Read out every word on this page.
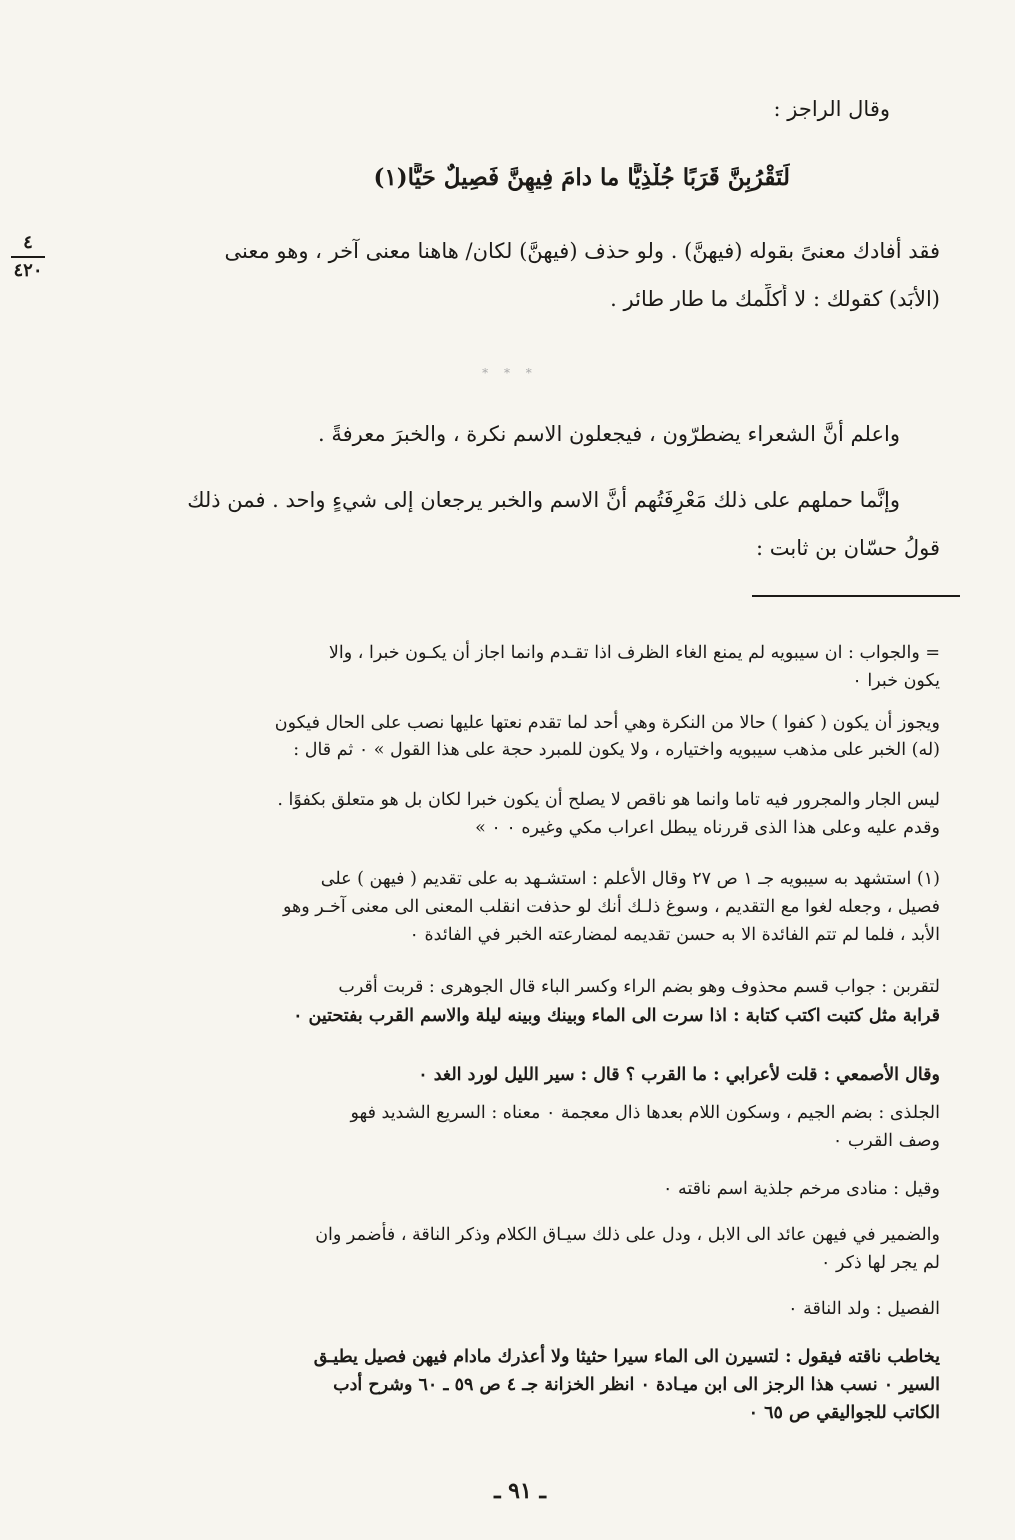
وقال الراجز :
لَتَقْرُبِنَّ قَرَبًا جُلْذِيًّا ما دامَ فِيهِنَّ فَصِيلٌ حَيًّا(١)
فقد أفادك معنىً بقوله (فيهنَّ) . ولو حذف (فيهنَّ) لكان/ هاهنا معنى آخر ، وهو معنى
(الأبَد) كقولك : لا أُكلِّمك ما طار طائر .
٤
٤٢٠
* * *
واعلم أنَّ الشعراء يضطرّون ، فيجعلون الاسم نكرة ، والخبرَ معرفةً .
وإنَّما حملهم على ذلك مَعْرِفَتُهم أنَّ الاسم والخبر يرجعان إلى شيءٍ واحد . فمن ذلك
قولُ حسّان بن ثابت :
= والجواب : ان سيبويه لم يمنع الغاء الظرف اذا تقـدم وانما اجاز أن يكـون خبرا ، والا
يكون خبرا ٠
ويجوز أن يكون ( كفوا ) حالا من النكرة وهي أحد لما تقدم نعتها عليها نصب على الحال فيكون
(له) الخبر على مذهب سيبويه واختياره ، ولا يكون للمبرد حجة على هذا القول » ٠ ثم قال :
ليس الجار والمجرور فيه تاما وانما هو ناقص لا يصلح أن يكون خبرا لكان بل هو متعلق بكفوًا .
وقدم عليه وعلى هذا الذى قررناه يبطل اعراب مكي وغيره ٠ ٠ »
(١) استشهد به سيبويه جـ ١ ص ٢٧ وقال الأعلم : استشـهد به على تقديم ( فيهن ) على
فصيل ، وجعله لغوا مع التقديم ، وسوغ ذلـك أنك لو حذفت انقلب المعنى الى معنى آخـر وهو
الأبد ، فلما لم تتم الفائدة الا به حسن تقديمه لمضارعته الخبر في الفائدة ٠
لتقربن : جواب قسم محذوف وهو بضم الراء وكسر الباء قال الجوهرى : قربت أقرب
قرابة مثل كتبت اكتب كتابة : اذا سرت الى الماء وبينك وبينه ليلة والاسم القرب بفتحتين ٠
وقال الأصمعي : قلت لأعرابي : ما القرب ؟ قال : سير الليل لورد الغد ٠
الجلذى : بضم الجيم ، وسكون اللام بعدها ذال معجمة ٠ معناه : السريع الشديد فهو
وصف القرب ٠
وقيل : منادى مرخم جلذية اسم ناقته ٠
والضمير في فيهن عائد الى الابل ، ودل على ذلك سيـاق الكلام وذكر الناقة ، فأضمر وان
لم يجر لها ذكر ٠
الفصيل : ولد الناقة ٠
يخاطب ناقته فيقول : لتسيرن الى الماء سيرا حثيثا ولا أعذرك مادام فيهن فصيل يطيـق
السير ٠ نسب هذا الرجز الى ابن ميـادة ٠ انظر الخزانة جـ ٤ ص ٥٩ ـ ٦٠ وشرح أدب
الكاتب للجواليقي ص ٦٥ ٠
ـ ٩١ ـ
